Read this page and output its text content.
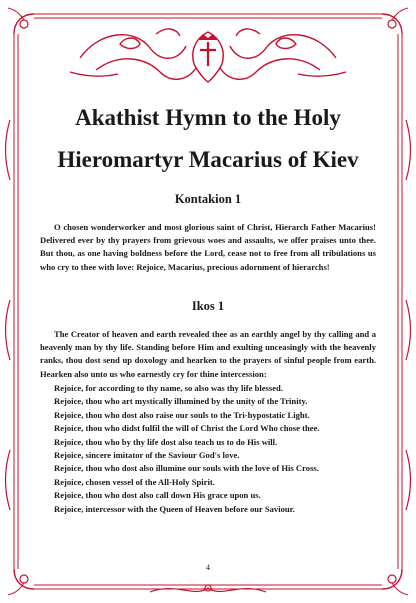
Akathist Hymn to the Holy
Hieromartyr Macarius of Kiev
Kontakion 1

O chosen wonderworker and most glorious saint of Christ, Hierarch Father Macarius! Delivered ever by thy prayers from grievous woes and assaults, we offer praises unto thee. But thou, as one having boldness before the Lord, cease not to free from all tribulations us who cry to thee with love: Rejoice, Macarius, precious adornment of hierarchs!

Ikos 1

The Creator of heaven and earth revealed thee as an earthly angel by thy calling and a heavenly man by thy life. Standing before Him and exulting unceasingly with the heavenly ranks, thou dost send up doxology and hearken to the prayers of sinful people from earth. Hearken also unto us who earnestly cry for thine intercession:

Rejoice, for according to thy name, so also was thy life blessed.
Rejoice, thou who art mystically illumined by the unity of the Trinity.
Rejoice, thou who dost also raise our souls to the Tri-hypostatic Light.
Rejoice, thou who didst fulfil the will of Christ the Lord Who chose thee.
Rejoice, thou who by thy life dost also teach us to do His will.
Rejoice, sincere imitator of the Saviour God's love.
Rejoice, thou who dost also illumine our souls with the love of His Cross.
Rejoice, chosen vessel of the All-Holy Spirit.
Rejoice, thou who dost also call down His grace upon us.
Rejoice, intercessor with the Queen of Heaven before our Saviour.

4
